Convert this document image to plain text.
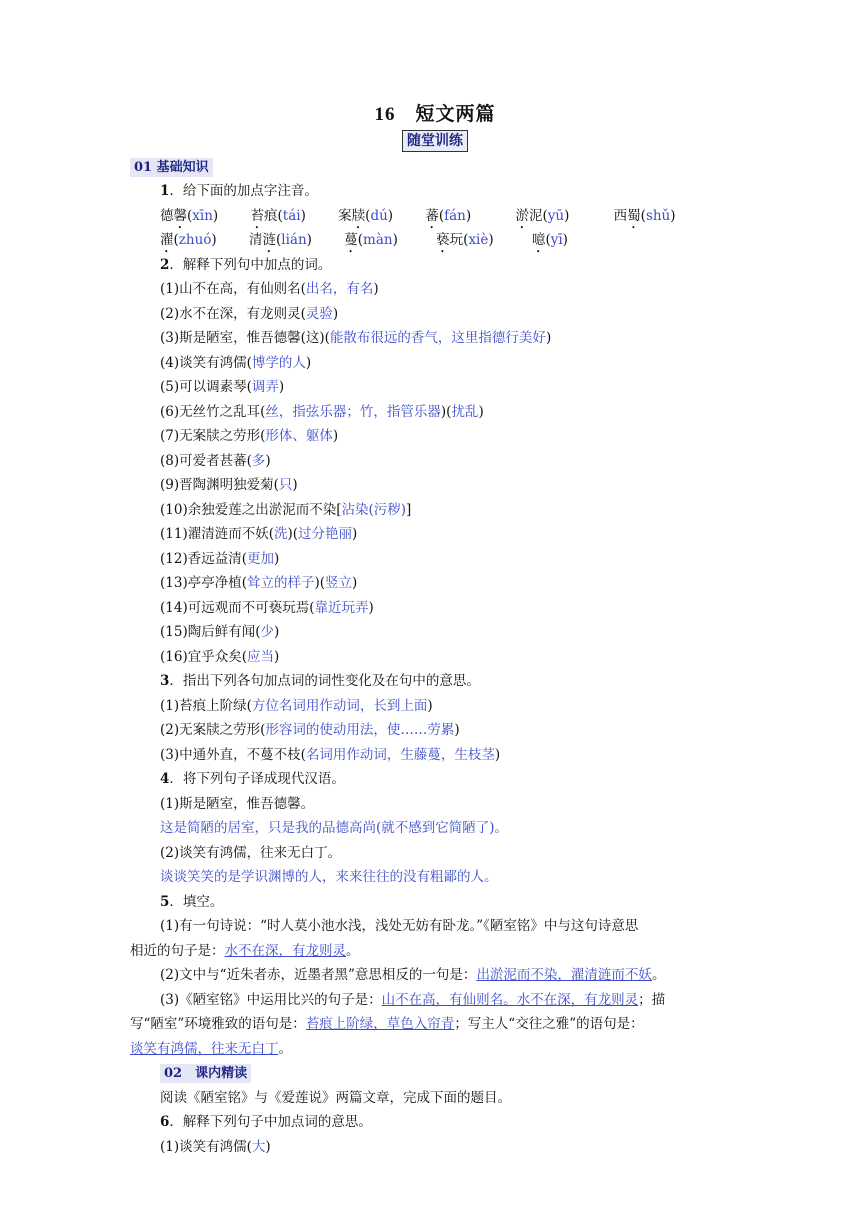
16　短文两篇
随堂训练
01 基础知识
1．给下面的加点字注音。
德馨(xīn) 苔痕(tái) 案牍(dú) 蕃(fán)	淤泥(yū)	西蜀(shǔ)
濯(zhuó) 清涟(lián) 蔓(màn)	亵玩(xiè)	噫(yī)
2．解释下列句中加点的词。
(1)山不在高，有仙则名(出名，有名)
(2)水不在深，有龙则灵(灵验)
(3)斯是陋室，惟吾德馨(这)(能散布很远的香气，这里指德行美好)
(4)谈笑有鸿儒(博学的人)
(5)可以调素琴(调弄)
(6)无丝竹之乱耳(丝，指弦乐器；竹，指管乐器)(扰乱)
(7)无案牍之劳形(形体、躯体)
(8)可爱者甚蕃(多)
(9)晋陶渊明独爱菊(只)
(10)余独爱莲之出淤泥而不染[沾染(污秽)]
(11)濯清涟而不妖(洗)(过分艳丽)
(12)香远益清(更加)
(13)亭亭净植(耸立的样子)(竖立)
(14)可远观而不可亵玩焉(靠近玩弄)
(15)陶后鲜有闻(少)
(16)宜乎众矣(应当)
3．指出下列各句加点词的词性变化及在句中的意思。
(1)苔痕上阶绿(方位名词用作动词，长到上面)
(2)无案牍之劳形(形容词的使动用法，使……劳累)
(3)中通外直，不蔓不枝(名词用作动词，生藤蔓，生枝茎)
4．将下列句子译成现代汉语。
(1)斯是陋室，惟吾德馨。
这是简陋的居室，只是我的品德高尚(就不感到它简陋了)。
(2)谈笑有鸿儒，往来无白丁。
谈谈笑笑的是学识渊博的人，来来往往的没有粗鄙的人。
5．填空。
(1)有一句诗说：“时人莫小池水浅，浅处无妨有卧龙。”《陋室铭》中与这句诗意思
相近的句子是：水不在深，有龙则灵。
(2)文中与“近朱者赤，近墨者黑”意思相反的一句是：出淤泥而不染，濯清涟而不妖。
(3)《陋室铭》中运用比兴的句子是：山不在高，有仙则名。水不在深，有龙则灵；描
写“陋室”环境雅致的语句是：苔痕上阶绿，草色入帘青；写主人“交往之雅”的语句是：
谈笑有鸿儒，往来无白丁。
02　课内精读
阅读《陋室铭》与《爱莲说》两篇文章，完成下面的题目。
6．解释下列句子中加点词的意思。
(1)谈笑有鸿儒(大)
